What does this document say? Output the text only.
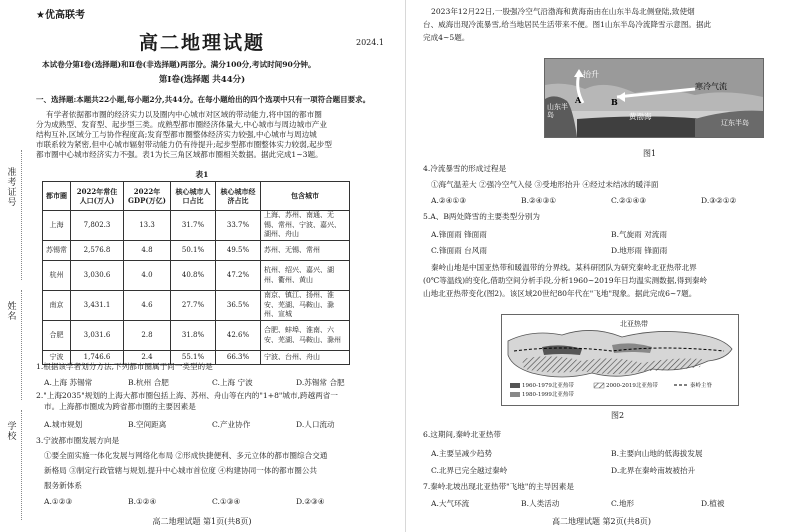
准考证号
姓名
学校
★优高联考
高二地理试题	2024.1
本试卷分第Ⅰ卷(选择题)和Ⅱ卷(非选择题)两部分。满分100分,考试时间90分钟。
第Ⅰ卷(选择题 共44分)
一、选择题:本题共22小题,每小题2分,共44分。在每小题给出的四个选项中只有一项符合题目要求。
有学者依据都市圈的经济实力以及圈内中心城市对区域的带动能力,将中国的都市圈
分为成熟型、发育型、起步型三类。成熟型都市圈经济体量大,中心城市与周边城市产业
结构互补,区域分工与协作程度高;发育型都市圈整体经济实力较强,中心城市与周边城
市联系较为紧密,但中心城市辐射带动能力仍有待提升;起步型都市圈整体实力较弱,起步型
都市圈中心城市经济实力不强。表1为长三角区域都市圈相关数据。据此完成1~3题。
表1
都市圈	2022年常住人口(万人)	2022年GDP(万亿)	核心城市人口占比	核心城市经济占比	包含城市
上海	7,802.3	13.3	31.7%	33.7%	上海、苏州、南通、无锡、常州、宁波、嘉兴、湖州、舟山
苏锡常	2,576.8	4.8	50.1%	49.5%	苏州、无锡、常州
杭州	3,030.6	4.0	40.8%	47.2%	杭州、绍兴、嘉兴、湖州、衢州、黄山
南京	3,431.1	4.6	27.7%	36.5%	南京、镇江、扬州、淮安、芜湖、马鞍山、滁州、宣城
合肥	3,031.6	2.8	31.8%	42.6%	合肥、蚌埠、淮南、六安、芜湖、马鞍山、滁州
宁波	1,746.6	2.4	55.1%	66.3%	宁波、台州、舟山
1.根据该学者划分方法,下列都市圈属于同一类型的是
A.上海 苏锡常	B.杭州 合肥	C.上海 宁波	D.苏锡常 合肥
2."上海2035"规划的上海大都市圈包括上海、苏州、舟山等在内的"1+8"城市,跨越两省一
市。上海都市圈成为跨省都市圈的主要因素是
A.城市规划	B.空间距离	C.产业协作	D.人口流动
3.宁波都市圈发展方向是
①要全面实施一体化发展与网络化布局 ②形成快捷便利、多元立体的都市圈综合交通
新格局 ③制定行政管辖与规划,提升中心城市首位度 ④构建协同一体的都市圈公共
服务新体系
A.①②③	B.①②④	C.①③④	D.②③④
高二地理试题 第1页(共8页)
2023年12月22日,一股强冷空气沿渤海和黄海南由在山东半岛北侧登陆,致使烟
台、威海出现冷流暴雪,给当地居民生活带来不便。图1山东半岛冷流降雪示意图。据此
完成4~5题。
抬升
寒冷气流
A	B
黄渤海
山东半岛
辽东半岛
图1
4.冷流暴雪的形成过程是
①海气温差大 ②强冷空气入侵 ③受地形抬升 ④经过未结冰的暖洋面
A.②④①③	B.②④③①	C.②①④③	D.③②①②
5.A、B两处降雪的主要类型分别为
A.锋面雨 锋面雨	B.气旋雨 对流雨
C.锋面雨 台风雨	D.地形雨 锋面雨
秦岭山地是中国亚热带和暖温带的分界线。某科研团队为研究秦岭北亚热带北界
(0℃等温线)的变化,借助空间分析手段,分析1960~2019年日均温实测数据,得到秦岭
山地北亚热带变化(图2)。该区域20世纪80年代在"飞地"现象。据此完成6~7题。
北亚热带
1960-1979北亚热带
1980-1999北亚热带
2000-2019北亚热带	秦岭主脊
图2
6.这期间,秦岭北亚热带
A.主要呈减少趋势	B.主要向山地的低海拔发展
C.北界已完全越过秦岭	D.北界在秦岭南坡被抬升
7.秦岭北坡出现北亚热带"飞地"的主导因素是
A.大气环流	B.人类活动	C.地形	D.植被
高二地理试题 第2页(共8页)
